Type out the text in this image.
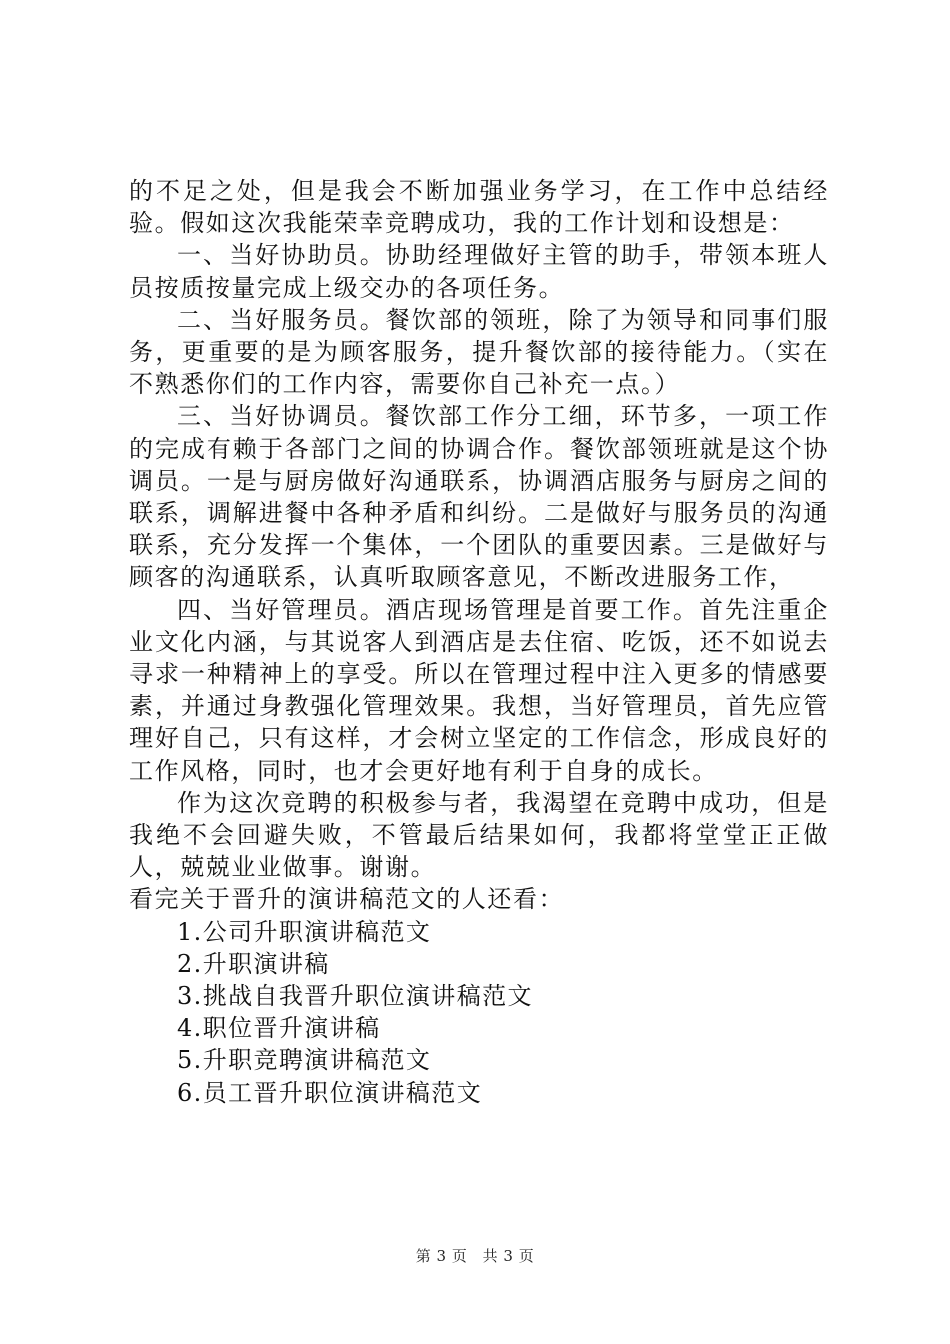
的不足之处，但是我会不断加强业务学习，在工作中总结经验。假如这次我能荣幸竞聘成功，我的工作计划和设想是：

一、当好协助员。协助经理做好主管的助手，带领本班人员按质按量完成上级交办的各项任务。

二、当好服务员。餐饮部的领班，除了为领导和同事们服务，更重要的是为顾客服务，提升餐饮部的接待能力。（实在不熟悉你们的工作内容，需要你自己补充一点。）

三、当好协调员。餐饮部工作分工细，环节多，一项工作的完成有赖于各部门之间的协调合作。餐饮部领班就是这个协调员。一是与厨房做好沟通联系，协调酒店服务与厨房之间的联系，调解进餐中各种矛盾和纠纷。二是做好与服务员的沟通联系，充分发挥一个集体，一个团队的重要因素。三是做好与顾客的沟通联系，认真听取顾客意见，不断改进服务工作，

四、当好管理员。酒店现场管理是首要工作。首先注重企业文化内涵，与其说客人到酒店是去住宿、吃饭，还不如说去寻求一种精神上的享受。所以在管理过程中注入更多的情感要素，并通过身教强化管理效果。我想，当好管理员，首先应管理好自己，只有这样，才会树立坚定的工作信念，形成良好的工作风格，同时，也才会更好地有利于自身的成长。

作为这次竞聘的积极参与者，我渴望在竞聘中成功，但是我绝不会回避失败，不管最后结果如何，我都将堂堂正正做人，兢兢业业做事。谢谢。

看完关于晋升的演讲稿范文的人还看：

1.公司升职演讲稿范文
2.升职演讲稿
3.挑战自我晋升职位演讲稿范文
4.职位晋升演讲稿
5.升职竞聘演讲稿范文
6.员工晋升职位演讲稿范文
第 3 页 共 3 页
